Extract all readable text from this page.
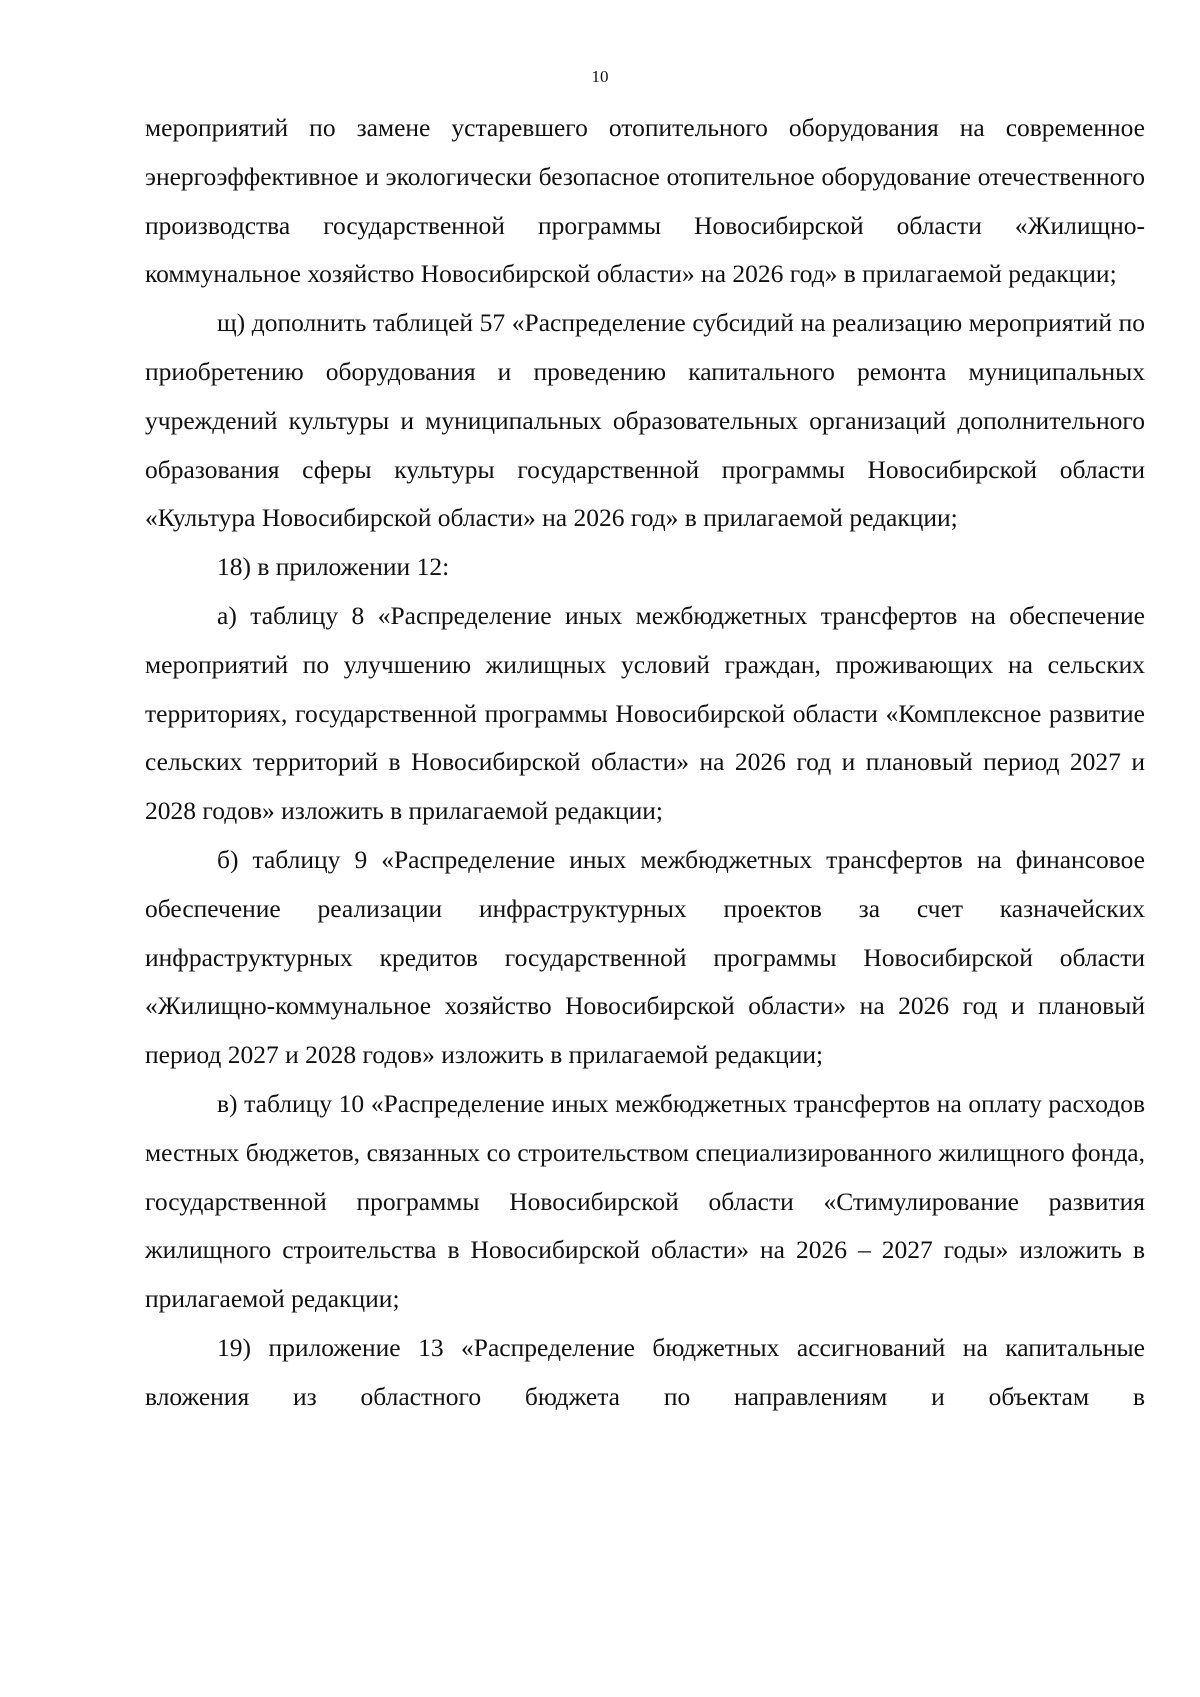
10

мероприятий по замене устаревшего отопительного оборудования на современное энергоэффективное и экологически безопасное отопительное оборудование отечественного производства государственной программы Новосибирской области «Жилищно-коммунальное хозяйство Новосибирской области» на 2026 год» в прилагаемой редакции;

щ) дополнить таблицей 57 «Распределение субсидий на реализацию мероприятий по приобретению оборудования и проведению капитального ремонта муниципальных учреждений культуры и муниципальных образовательных организаций дополнительного образования сферы культуры государственной программы Новосибирской области «Культура Новосибирской области» на 2026 год» в прилагаемой редакции;

18) в приложении 12:

а) таблицу 8 «Распределение иных межбюджетных трансфертов на обеспечение мероприятий по улучшению жилищных условий граждан, проживающих на сельских территориях, государственной программы Новосибирской области «Комплексное развитие сельских территорий в Новосибирской области» на 2026 год и плановый период 2027 и 2028 годов» изложить в прилагаемой редакции;

б) таблицу 9 «Распределение иных межбюджетных трансфертов на финансовое обеспечение реализации инфраструктурных проектов за счет казначейских инфраструктурных кредитов государственной программы Новосибирской области «Жилищно-коммунальное хозяйство Новосибирской области» на 2026 год и плановый период 2027 и 2028 годов» изложить в прилагаемой редакции;

в) таблицу 10 «Распределение иных межбюджетных трансфертов на оплату расходов местных бюджетов, связанных со строительством специализированного жилищного фонда, государственной программы Новосибирской области «Стимулирование развития жилищного строительства в Новосибирской области» на 2026 – 2027 годы» изложить в прилагаемой редакции;

19) приложение 13 «Распределение бюджетных ассигнований на капитальные вложения из областного бюджета по направлениям и объектам в
